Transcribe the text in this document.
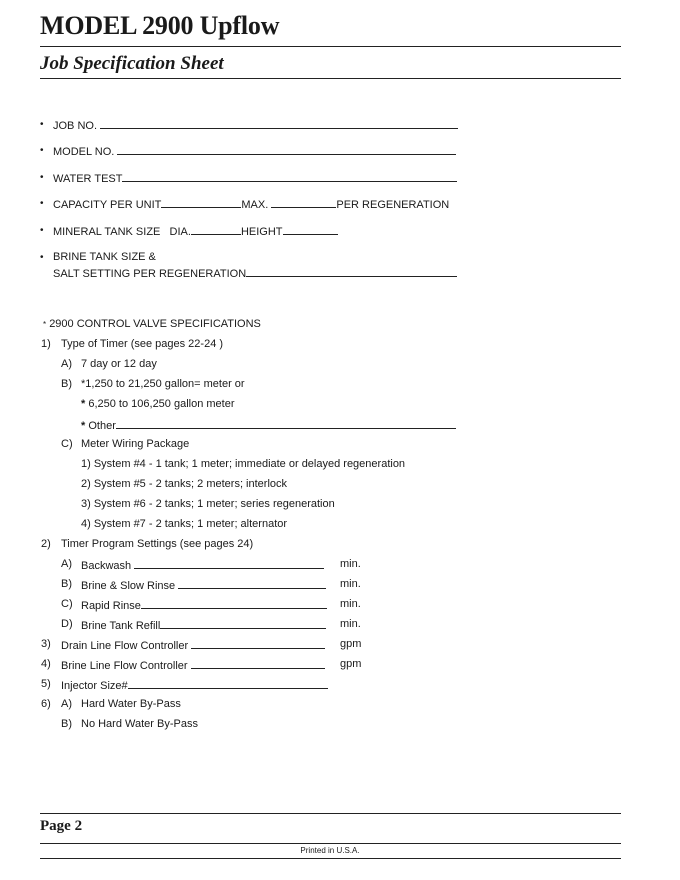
MODEL 2900 Upflow
Job Specification Sheet
• JOB NO.
• MODEL NO.
• WATER TEST
• CAPACITY PER UNIT	MAX.	PER REGENERATION
• MINERAL TANK SIZE   DIA.	HEIGHT
• BRINE TANK SIZE &
SALT SETTING PER REGENERATION
* 2900 CONTROL VALVE SPECIFICATIONS
1) Type of Timer (see pages 22-24 )
A) 7 day or 12 day
B) *1,250 to 21,250 gallon= meter or
* 6,250 to 106,250 gallon meter
* Other
C) Meter Wiring Package
1) System #4 - 1 tank; 1 meter; immediate or delayed regeneration
2) System #5 - 2 tanks; 2 meters; interlock
3) System #6 - 2 tanks; 1 meter; series regeneration
4) System #7 - 2 tanks; 1 meter; alternator
2) Timer Program Settings (see pages 24)
A) Backwash	min.
B) Brine & Slow Rinse	min.
C) Rapid Rinse	min.
D) Brine Tank Refill	min.
3) Drain Line Flow Controller	gpm
4) Brine Line Flow Controller	gpm
5) Injector Size#
6) A) Hard Water By-Pass
B) No Hard Water By-Pass
Page 2
Printed in U.S.A.
